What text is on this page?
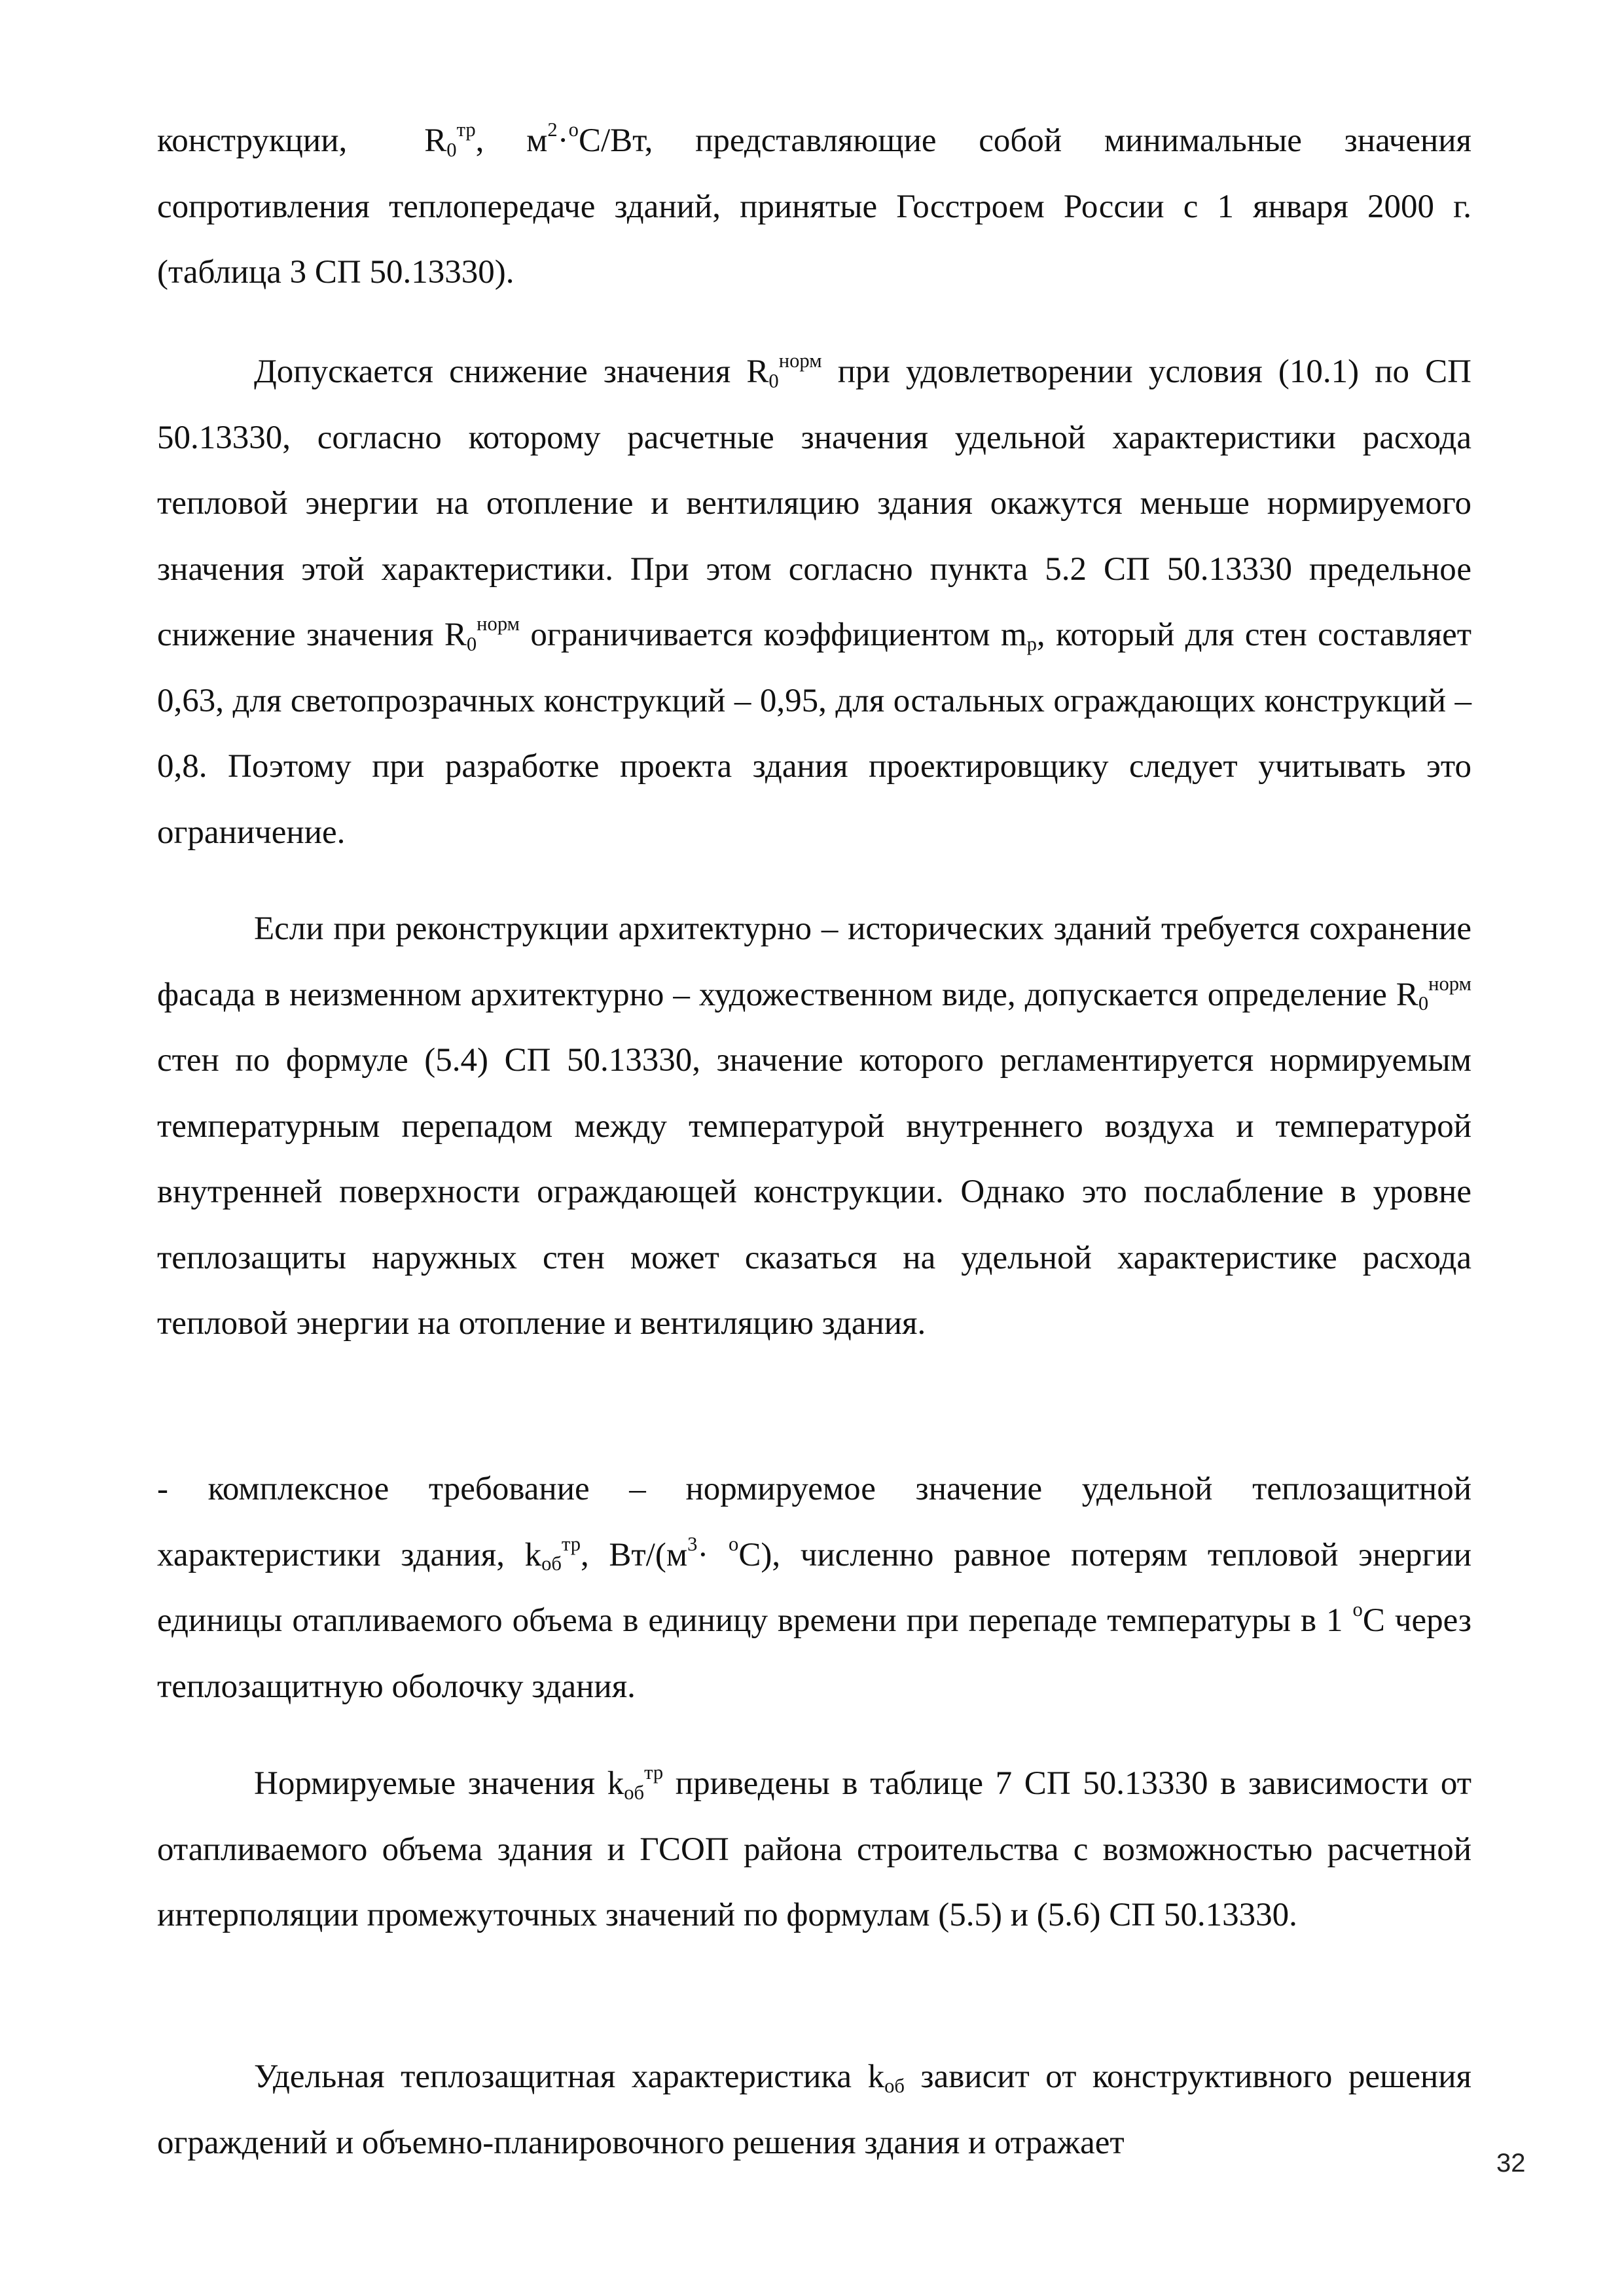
конструкции, $R_0^{тр}$, $м^2\cdot^оС/Вт$, представляющие собой минимальные значения сопротивления теплопередаче зданий, принятые Госстроем России с 1 января 2000 г. (таблица 3 СП 50.13330).

Допускается снижение значения $R_0^{норм}$ при удовлетворении условия (10.1) по СП 50.13330, согласно которому расчетные значения удельной характеристики расхода тепловой энергии на отопление и вентиляцию здания окажутся меньше нормируемого значения этой характеристики. При этом согласно пункта 5.2 СП 50.13330 предельное снижение значения $R_0^{норм}$ ограничивается коэффициентом $m_р$, который для стен составляет 0,63, для светопрозрачных конструкций – 0,95, для остальных ограждающих конструкций – 0,8. Поэтому при разработке проекта здания проектировщику следует учитывать это ограничение.

Если при реконструкции архитектурно – исторических зданий требуется сохранение фасада в неизменном архитектурно – художественном виде, допускается определение $R_0^{норм}$ стен по формуле (5.4) СП 50.13330, значение которого регламентируется нормируемым температурным перепадом между температурой внутреннего воздуха и температурой внутренней поверхности ограждающей конструкции. Однако это послабление в уровне теплозащиты наружных стен может сказаться на удельной характеристике расхода тепловой энергии на отопление и вентиляцию здания.

- комплексное требование – нормируемое значение удельной теплозащитной характеристики здания, $k_{об}^{тр}$, $Вт/(м^3\cdot ^оС)$, численно равное потерям тепловой энергии единицы отапливаемого объема в единицу времени при перепаде температуры в 1 $^о$С через теплозащитную оболочку здания.

Нормируемые значения $k_{об}^{тр}$ приведены в таблице 7 СП 50.13330 в зависимости от отапливаемого объема здания и ГСОП района строительства с возможностью расчетной интерполяции промежуточных значений по формулам (5.5) и (5.6) СП 50.13330.

Удельная теплозащитная характеристика $k_{об}$ зависит от конструктивного решения ограждений и объемно-планировочного решения здания и отражает

32
